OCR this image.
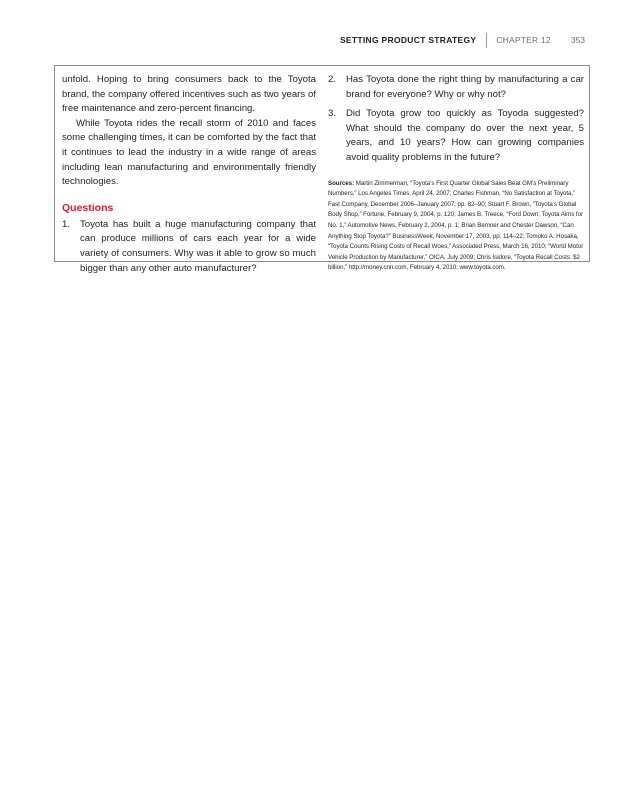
SETTING PRODUCT STRATEGY CHAPTER 12 353

unfold. Hoping to bring consumers back to the Toyota brand, the company offered incentives such as two years of free maintenance and zero-percent financing.

While Toyota rides the recall storm of 2010 and faces some challenging times, it can be comforted by the fact that it continues to lead the industry in a wide range of areas including lean manufacturing and environmentally friendly technologies.

Questions
1.	Toyota has built a huge manufacturing company that can produce millions of cars each year for a wide variety of consumers. Why was it able to grow so much bigger than any other auto manufacturer?
2.	Has Toyota done the right thing by manufacturing a car brand for everyone? Why or why not?
3.	Did Toyota grow too quickly as Toyoda suggested? What should the company do over the next year, 5 years, and 10 years? How can growing companies avoid quality problems in the future?

Sources: Martin Zimmerman, “Toyota’s First Quarter Global Sales Beat GM’s Preliminary Numbers,” Los Angeles Times, April 24, 2007; Charles Fishman, “No Satisfaction at Toyota,” Fast Company, December 2006–January 2007, pp. 82–90; Stuart F. Brown, “Toyota’s Global Body Shop,” Fortune, February 9, 2004, p. 120; James B. Treece, “Ford Down; Toyota Aims for No. 1,” Automotive News, February 2, 2004, p. 1; Brian Bemner and Chester Dawson, “Can Anything Stop Toyota?” BusinessWeek, November 17, 2003, pp. 114–22; Tomoko A. Hosaka, “Toyota Counts Rising Costs of Recall Woes,” Associated Press, March 16, 2010; “World Motor Vehicle Production by Manufacturer,” OICA, July 2009; Chris Isidore, “Toyota Recall Costs: $2 billion,” http://money.cnn.com, February 4, 2010; www.toyota.com.
